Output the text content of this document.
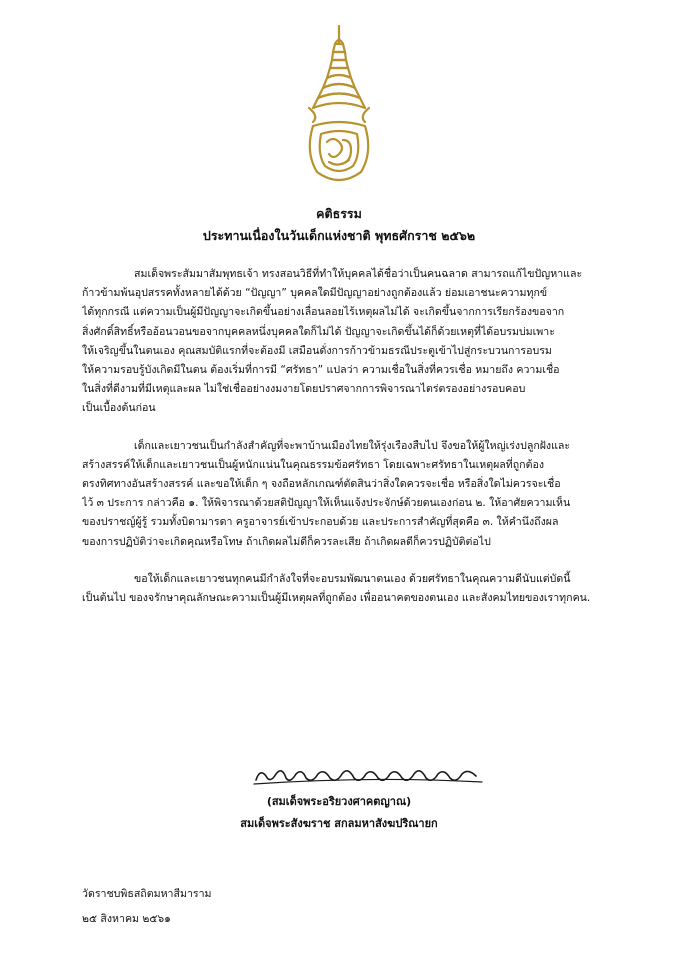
คติธรรม
ประทานเนื่องในวันเด็กแห่งชาติ พุทธศักราช ๒๕๖๒
สมเด็จพระสัมมาสัมพุทธเจ้า ทรงสอนวิธีที่ทำให้บุคคลได้ชื่อว่าเป็นคนฉลาด สามารถแก้ไขปัญหาและ
ก้าวข้ามพ้นอุปสรรคทั้งหลายได้ด้วย “ปัญญา” บุคคลใดมีปัญญาอย่างถูกต้องแล้ว ย่อมเอาชนะความทุกข์
ได้ทุกกรณี แต่ความเป็นผู้มีปัญญาจะเกิดขึ้นอย่างเลื่อนลอยไร้เหตุผลไม่ได้ จะเกิดขึ้นจากการเรียกร้องขอจาก
สิ่งศักดิ์สิทธิ์หรืออ้อนวอนขอจากบุคคลหนึ่งบุคคลใดก็ไม่ได้ ปัญญาจะเกิดขึ้นได้ก็ด้วยเหตุที่ได้อบรมบ่มเพาะ
ให้เจริญขึ้นในตนเอง คุณสมบัติแรกที่จะต้องมี เสมือนดั่งการก้าวข้ามธรณีประตูเข้าไปสู่กระบวนการอบรม
ให้ความรอบรู้บังเกิดมีในตน ต้องเริ่มที่การมี “ศรัทธา” แปลว่า ความเชื่อในสิ่งที่ควรเชื่อ หมายถึง ความเชื่อ
ในสิ่งที่ดีงามที่มีเหตุและผล ไม่ใช่เชื่ออย่างงมงายโดยปราศจากการพิจารณาไตร่ตรองอย่างรอบคอบ
เป็นเบื้องต้นก่อน
เด็กและเยาวชนเป็นกำลังสำคัญที่จะพาบ้านเมืองไทยให้รุ่งเรืองสืบไป จึงขอให้ผู้ใหญ่เร่งปลูกฝังและ
สร้างสรรค์ให้เด็กและเยาวชนเป็นผู้หนักแน่นในคุณธรรมข้อศรัทธา โดยเฉพาะศรัทธาในเหตุผลที่ถูกต้อง
ตรงทิศทางอันสร้างสรรค์ และขอให้เด็ก ๆ จงถือหลักเกณฑ์ตัดสินว่าสิ่งใดควรจะเชื่อ หรือสิ่งใดไม่ควรจะเชื่อ
ไว้ ๓ ประการ กล่าวคือ ๑. ให้พิจารณาด้วยสติปัญญาให้เห็นแจ้งประจักษ์ด้วยตนเองก่อน ๒. ให้อาศัยความเห็น
ของปราชญ์ผู้รู้ รวมทั้งบิดามารดา ครูอาจารย์เข้าประกอบด้วย และประการสำคัญที่สุดคือ ๓. ให้คำนึงถึงผล
ของการปฏิบัติว่าจะเกิดคุณหรือโทษ ถ้าเกิดผลไม่ดีก็ควรละเสีย ถ้าเกิดผลดีก็ควรปฏิบัติต่อไป
ขอให้เด็กและเยาวชนทุกคนมีกำลังใจที่จะอบรมพัฒนาตนเอง ด้วยศรัทธาในคุณความดีนับแต่บัดนี้
เป็นต้นไป ของจรักษาคุณลักษณะความเป็นผู้มีเหตุผลที่ถูกต้อง เพื่ออนาคตของตนเอง และสังคมไทยของเราทุกคน.
(สมเด็จพระอริยวงศาคตญาณ)
สมเด็จพระสังฆราช สกลมหาสังฆปริณายก
วัดราชบพิธสถิตมหาสีมาราม
๒๕ สิงหาคม ๒๕๖๑
